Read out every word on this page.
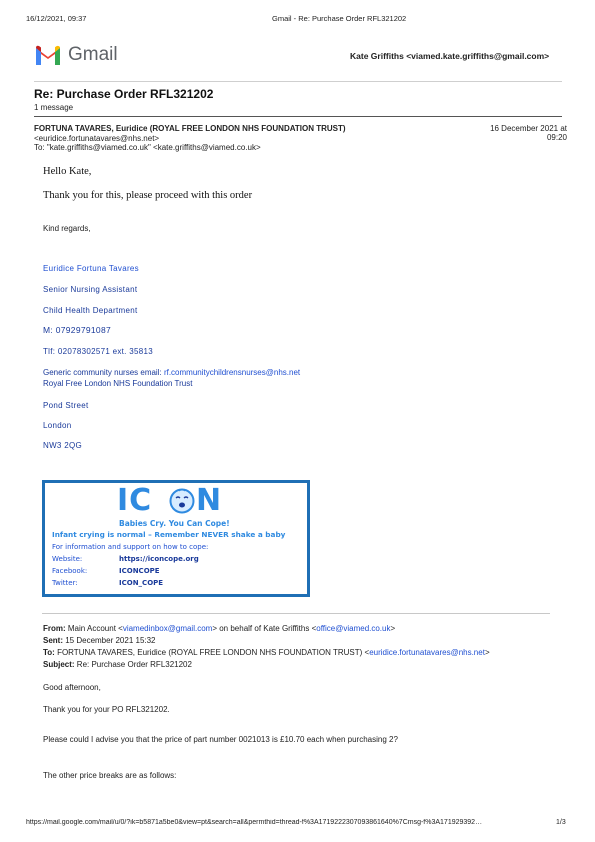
16/12/2021, 09:37	Gmail - Re: Purchase Order RFL321202
Gmail	Kate Griffiths <viamed.kate.griffiths@gmail.com>
Re: Purchase Order RFL321202
1 message
FORTUNA TAVARES, Euridice (ROYAL FREE LONDON NHS FOUNDATION TRUST)
<euridice.fortunatavares@nhs.net>
To: "kate.griffiths@viamed.co.uk" <kate.griffiths@viamed.co.uk>
16 December 2021 at
09:20
Hello Kate,
Thank you for this, please proceed with this order
Kind regards,
Euridice Fortuna Tavares
Senior Nursing Assistant
Child Health Department
M: 07929791087
Tlf: 02078302571 ext. 35813
Generic community nurses email: rf.communitychildrensnurses@nhs.net
Royal Free London NHS Foundation Trust
Pond Street
London
NW3 2QG
IC N
Babies Cry. You Can Cope!
Infant crying is normal – Remember NEVER shake a baby
For information and support on how to cope:
Website:	https://iconcope.org
Facebook:	ICONCOPE
Twitter:	ICON_COPE
From: Main Account <viamedinbox@gmail.com> on behalf of Kate Griffiths <office@viamed.co.uk>
Sent: 15 December 2021 15:32
To: FORTUNA TAVARES, Euridice (ROYAL FREE LONDON NHS FOUNDATION TRUST) <euridice.fortunatavares@nhs.net>
Subject: Re: Purchase Order RFL321202
Good afternoon,
Thank you for your PO RFL321202.
Please could I advise you that the price of part number 0021013 is £10.70 each when purchasing 2?
The other price breaks are as follows:
https://mail.google.com/mail/u/0/?ik=b5871a5be0&view=pt&search=all&permthid=thread-f%3A1719222307093861640%7Cmsg-f%3A171929392…	1/3
